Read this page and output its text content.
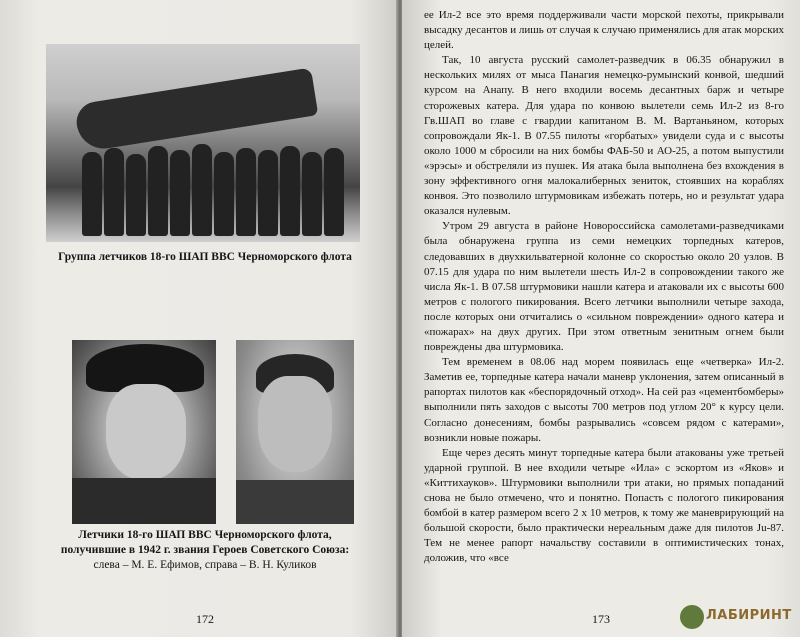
Группа летчиков 18-го ШАП ВВС Черноморского флота
Летчики 18-го ШАП ВВС Черноморского флота,
получившие в 1942 г. звания Героев Советского Союза:
слева – М. Е. Ефимов, справа – В. Н. Куликов
172

ее Ил-2 все это время поддерживали части морской пехоты, прикрывали высадку десантов и лишь от случая к случаю применялись для атак морских целей.

Так, 10 августа русский самолет-разведчик в 06.35 обнаружил в нескольких милях от мыса Панагия немецко-румынский конвой, шедший курсом на Анапу. В него входили восемь десантных барж и четыре сторожевых катера. Для удара по конвою вылетели семь Ил-2 из 8-го Гв.ШАП во главе с гвардии капитаном В. М. Вартаньяном, которых сопровождали Як-1. В 07.55 пилоты «горбатых» увидели суда и с высоты около 1000 м сбросили на них бомбы ФАБ-50 и АО-25, а потом выпустили «эрэсы» и обстреляли из пушек. Ия атака была выполнена без вхождения в зону эффективного огня малокалиберных зениток, стоявших на кораблях конвоя. Это позволило штурмовикам избежать потерь, но и результат удара оказался нулевым.

Утром 29 августа в районе Новороссийска самолетами-разведчиками была обнаружена группа из семи немецких торпедных катеров, следовавших в двухкильватерной колонне со скоростью около 20 узлов. В 07.15 для удара по ним вылетели шесть Ил-2 в сопровождении такого же числа Як-1. В 07.58 штурмовики нашли катера и атаковали их с высоты 600 метров с пологого пикирования. Всего летчики выполнили четыре захода, после которых они отчитались о «сильном повреждении» одного катера и «пожарах» на двух других. При этом ответным зенитным огнем были повреждены два штурмовика.

Тем временем в 08.06 над морем появилась еще «четверка» Ил-2. Заметив ее, торпедные катера начали маневр уклонения, затем описанный в рапортах пилотов как «беспорядочный отход». На сей раз «цементбомберы» выполнили пять заходов с высоты 700 метров под углом 20° к курсу цели. Согласно донесениям, бомбы разрывались «совсем рядом с катерами», возникли новые пожары.

Еще через десять минут торпедные катера были атакованы уже третьей ударной группой. В нее входили четыре «Ила» с эскортом из «Яков» и «Киттихауков». Штурмовики выполнили три атаки, но прямых попаданий снова не было отмечено, что и понятно. Попасть с пологого пикирования бомбой в катер размером всего 2 х 10 метров, к тому же маневрирующий на большой скорости, было практически нереальным даже для пилотов Ju-87. Тем не менее рапорт начальству составили в оптимистических тонах, доложив, что «все

173	ЛАБИРИНТ
